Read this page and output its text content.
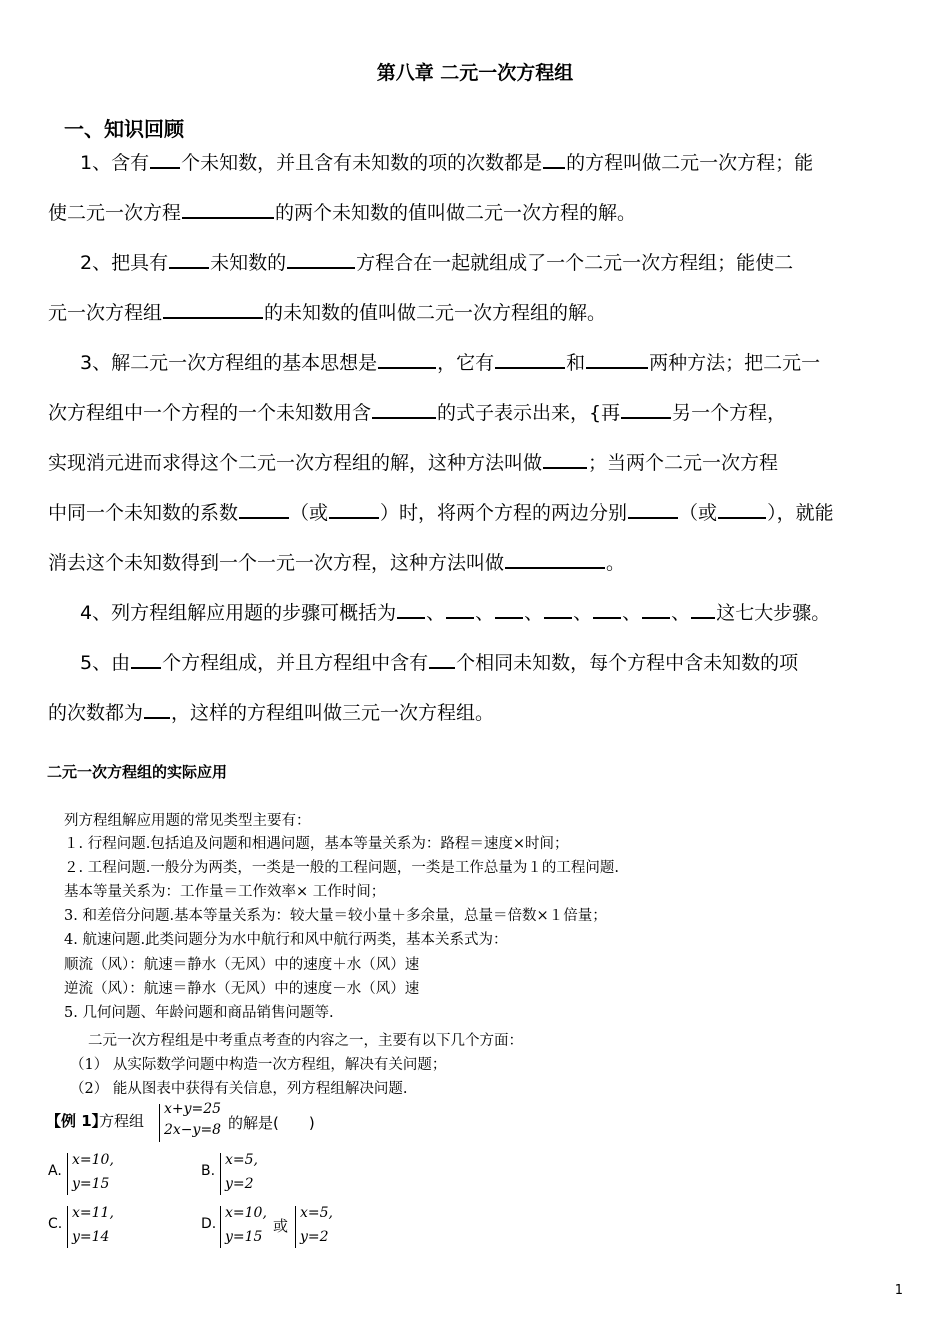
第八章 二元一次方程组
一、知识回顾
1、含有 个未知数，并且含有未知数的项的次数都是 的方程叫做二元一次方程；能
使二元一次方程	的两个未知数的值叫做二元一次方程的解。
2、把具有 未知数的	方程合在一起就组成了一个二元一次方程组；能使二
元一次方程组	的未知数的值叫做二元一次方程组的解。
3、解二元一次方程组的基本思想是	，它有	和	两种方法；把二元一
次方程组中一个方程的一个未知数用含	的式子表示出来，{再	另一个方程，
实现消元进而求得这个二元一次方程组的解，这种方法叫做 ；当两个二元一次方程
中同一个未知数的系数	（或	）时，将两个方程的两边分别	（或	），就能
消去这个未知数得到一个一元一次方程，这种方法叫做	。
4、列方程组解应用题的步骤可概括为 、 、 、 、 、 、 这七大步骤。
5、由 个方程组成，并且方程组中含有 个相同未知数，每个方程中含未知数的项
的次数都为 ，这样的方程组叫做三元一次方程组。
二元一次方程组的实际应用
列方程组解应用题的常见类型主要有：
１. 行程问题.包括追及问题和相遇问题，基本等量关系为：路程＝速度×时间；
２. 工程问题.一般分为两类，一类是一般的工程问题，一类是工作总量为１的工程问题.
基本等量关系为：工作量＝工作效率× 工作时间；
3. 和差倍分问题.基本等量关系为：较大量＝较小量＋多余量，总量＝倍数×１倍量；
4. 航速问题.此类问题分为水中航行和风中航行两类，基本关系式为：
顺流（风）：航速＝静水（无风）中的速度＋水（风）速
逆流（风）：航速＝静水（无风）中的速度－水（风）速
5. 几何问题、年龄问题和商品销售问题等.
二元一次方程组是中考重点考查的内容之一，主要有以下几个方面：
（1） 从实际数学问题中构造一次方程组，解决有关问题；
（2） 能从图表中获得有关信息，列方程组解决问题.
【例 1】
方程组
x+y=25
2x−y=8 的解是(　　)
A.
x=10,
y=15
B.
x=5,
y=2
C.
x=11,
y=14
D.
x=10,
y=15
或
x=5,
y=2
1
